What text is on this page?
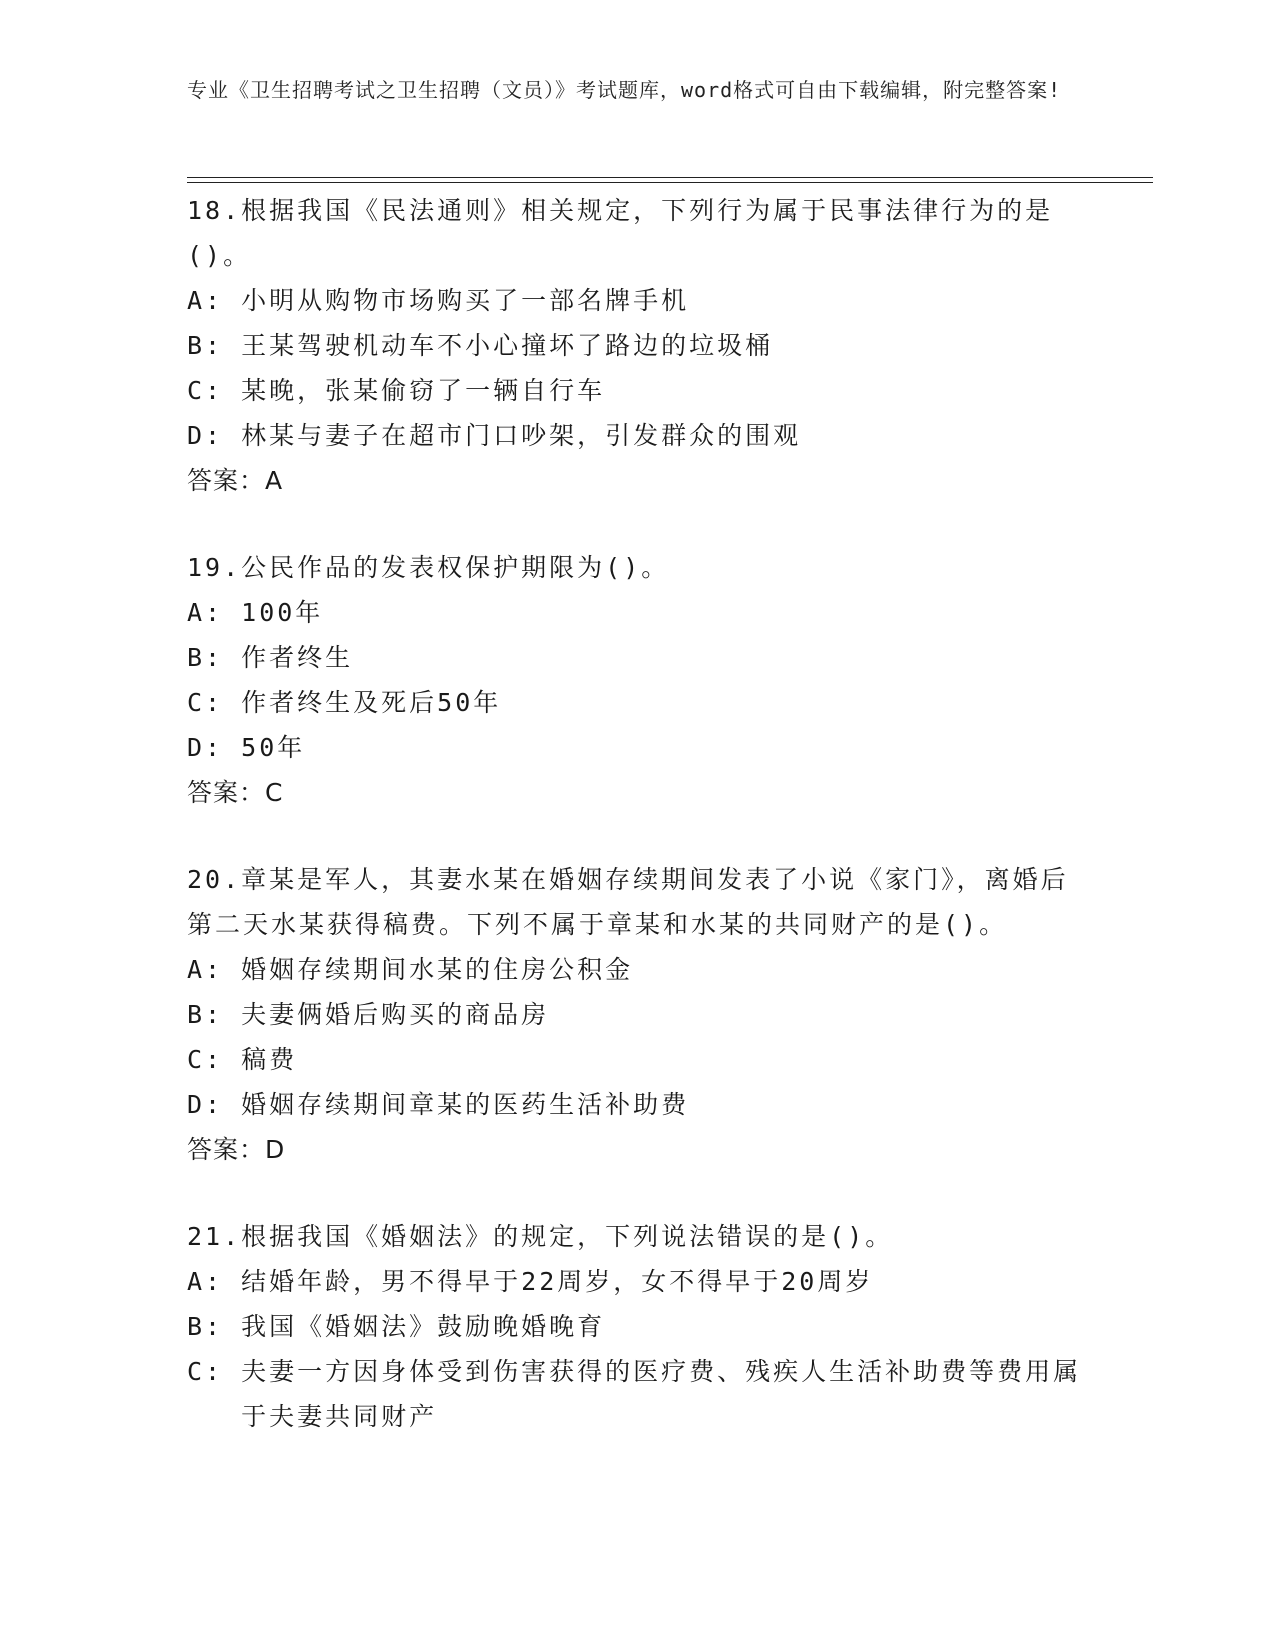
专业《卫生招聘考试之卫生招聘（文员）》考试题库，word格式可自由下载编辑，附完整答案!

18.根据我国《民法通则》相关规定，下列行为属于民事法律行为的是()。

A: 小明从购物市场购买了一部名牌手机
B: 王某驾驶机动车不小心撞坏了路边的垃圾桶
C: 某晚，张某偷窃了一辆自行车
D: 林某与妻子在超市门口吵架，引发群众的围观

答案：A

19.公民作品的发表权保护期限为()。

A: 100年
B: 作者终生
C: 作者终生及死后50年
D: 50年

答案：C

20.章某是军人，其妻水某在婚姻存续期间发表了小说《家门》，离婚后第二天水某获得稿费。下列不属于章某和水某的共同财产的是()。

A: 婚姻存续期间水某的住房公积金
B: 夫妻俩婚后购买的商品房
C: 稿费
D: 婚姻存续期间章某的医药生活补助费

答案：D

21.根据我国《婚姻法》的规定，下列说法错误的是()。

A: 结婚年龄，男不得早于22周岁，女不得早于20周岁
B: 我国《婚姻法》鼓励晚婚晚育
C: 夫妻一方因身体受到伤害获得的医疗费、残疾人生活补助费等费用属于夫妻共同财产
